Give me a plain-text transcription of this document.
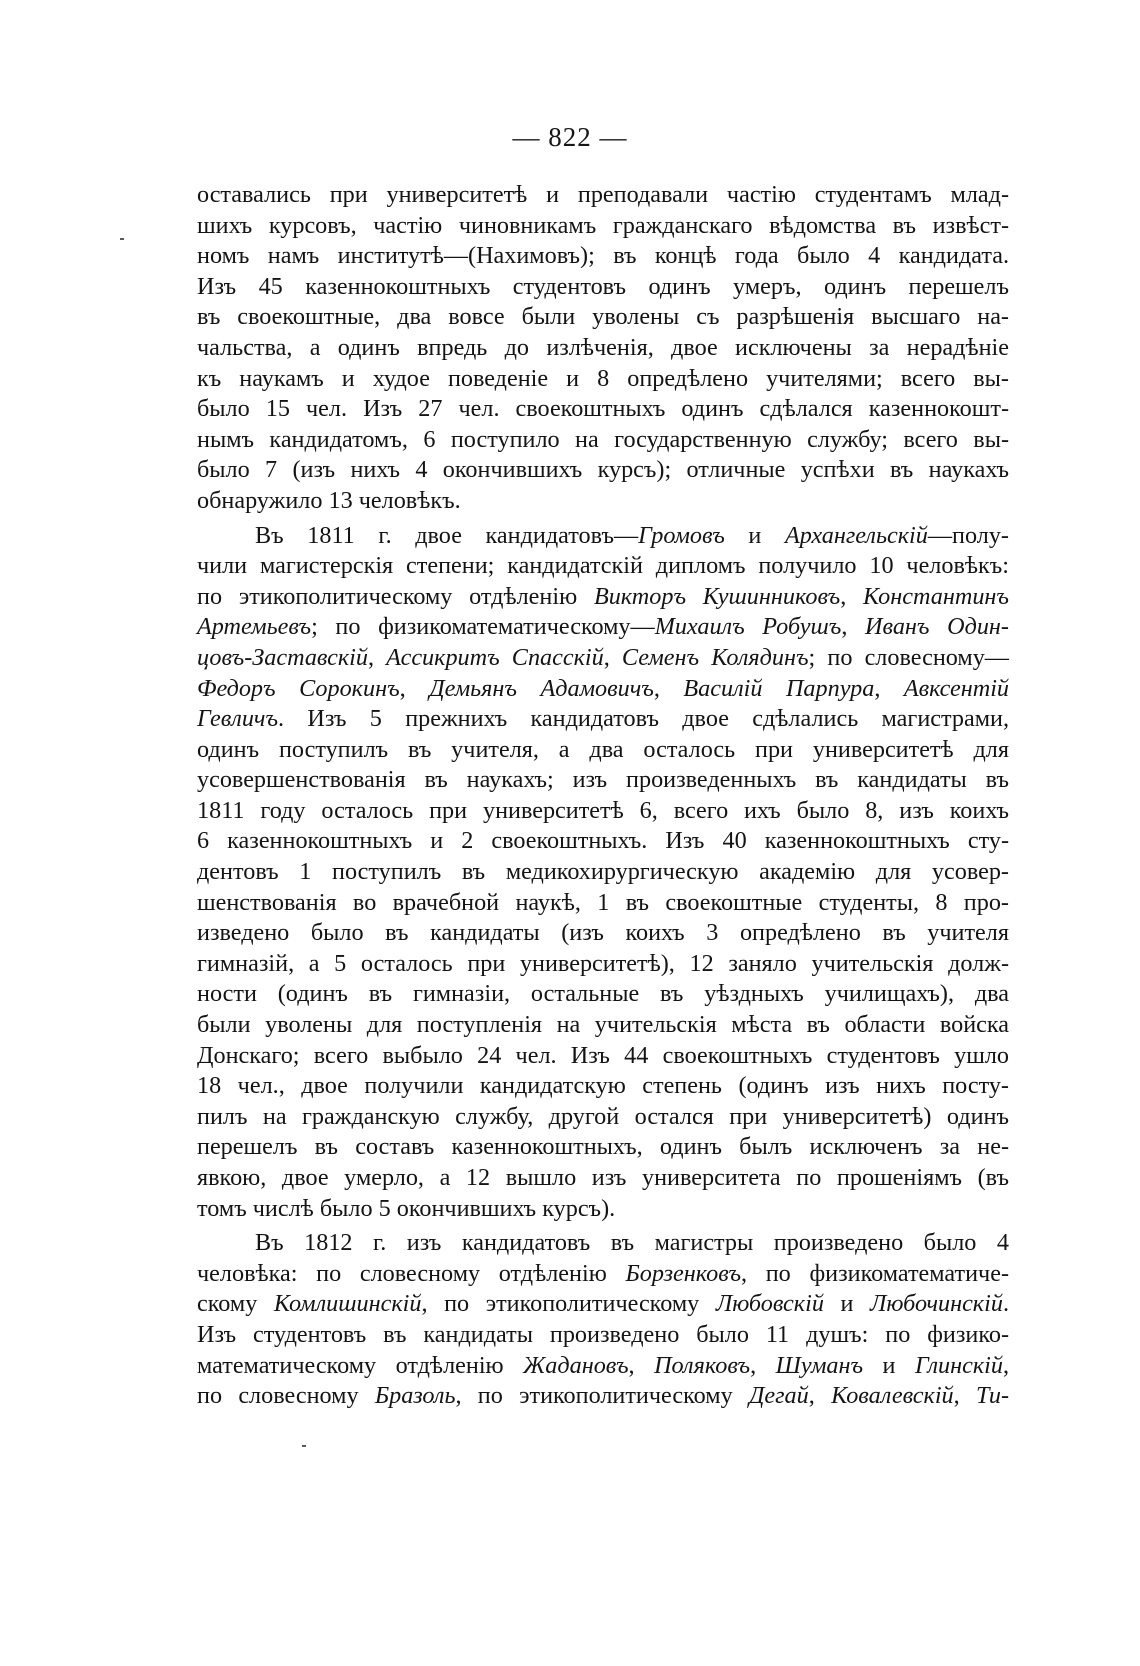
— 822 —

оставались при университетѣ и преподавали частію студентамъ млад-
шихъ курсовъ, частію чиновникамъ гражданскаго вѣдомства въ извѣст-
номъ намъ институтѣ—(Нахимовъ); въ концѣ года было 4 кандидата.
Изъ 45 казеннокоштныхъ студентовъ одинъ умеръ, одинъ перешелъ
въ своекоштные, два вовсе были уволены съ разрѣшенія высшаго на-
чальства, а одинъ впредь до излѣченія, двое исключены за нерадѣніе
къ наукамъ и худое поведеніе и 8 опредѣлено учителями; всего вы-
было 15 чел. Изъ 27 чел. своекоштныхъ одинъ сдѣлался казеннокошт-
нымъ кандидатомъ, 6 поступило на государственную службу; всего вы-
было 7 (изъ нихъ 4 окончившихъ курсъ); отличные успѣхи въ наукахъ
обнаружило 13 человѣкъ.

Въ 1811 г. двое кандидатовъ—Громовъ и Архангельскій—полу-
чили магистерскія степени; кандидатскій дипломъ получило 10 человѣкъ:
по этикополитическому отдѣленію Викторъ Кушинниковъ, Константинъ
Артемьевъ; по физикоматематическому—Михаилъ Робушъ, Иванъ Один-
цовъ-Заставскій, Ассикритъ Спасскій, Семенъ Колядинъ; по словесному—
Федоръ Сорокинъ, Демьянъ Адамовичъ, Василій Парпура, Авксентій
Гевличъ. Изъ 5 прежнихъ кандидатовъ двое сдѣлались магистрами,
одинъ поступилъ въ учителя, а два осталось при университетѣ для
усовершенствованія въ наукахъ; изъ произведенныхъ въ кандидаты въ
1811 году осталось при университетѣ 6, всего ихъ было 8, изъ коихъ
6 казеннокоштныхъ и 2 своекоштныхъ. Изъ 40 казеннокоштныхъ сту-
дентовъ 1 поступилъ въ медикохирургическую академію для усовер-
шенствованія во врачебной наукѣ, 1 въ своекоштные студенты, 8 про-
изведено было въ кандидаты (изъ коихъ 3 опредѣлено въ учителя
гимназій, а 5 осталось при университетѣ), 12 заняло учительскія долж-
ности (одинъ въ гимназіи, остальные въ уѣздныхъ училищахъ), два
были уволены для поступленія на учительскія мѣста въ области войска
Донскаго; всего выбыло 24 чел. Изъ 44 своекоштныхъ студентовъ ушло
18 чел., двое получили кандидатскую степень (одинъ изъ нихъ посту-
пилъ на гражданскую службу, другой остался при университетѣ) одинъ
перешелъ въ составъ казеннокоштныхъ, одинъ былъ исключенъ за не-
явкою, двое умерло, а 12 вышло изъ университета по прошеніямъ (въ
томъ числѣ было 5 окончившихъ курсъ).

Въ 1812 г. изъ кандидатовъ въ магистры произведено было 4
человѣка: по словесному отдѣленію Борзенковъ, по физикоматематиче-
скому Комлишинскій, по этикополитическому Любовскій и Любочинскій.
Изъ студентовъ въ кандидаты произведено было 11 душъ: по физико-
математическому отдѣленію Жадановъ, Поляковъ, Шуманъ и Глинскій,
по словесному Бразоль, по этикополитическому Дегай, Ковалевскій, Ти-
